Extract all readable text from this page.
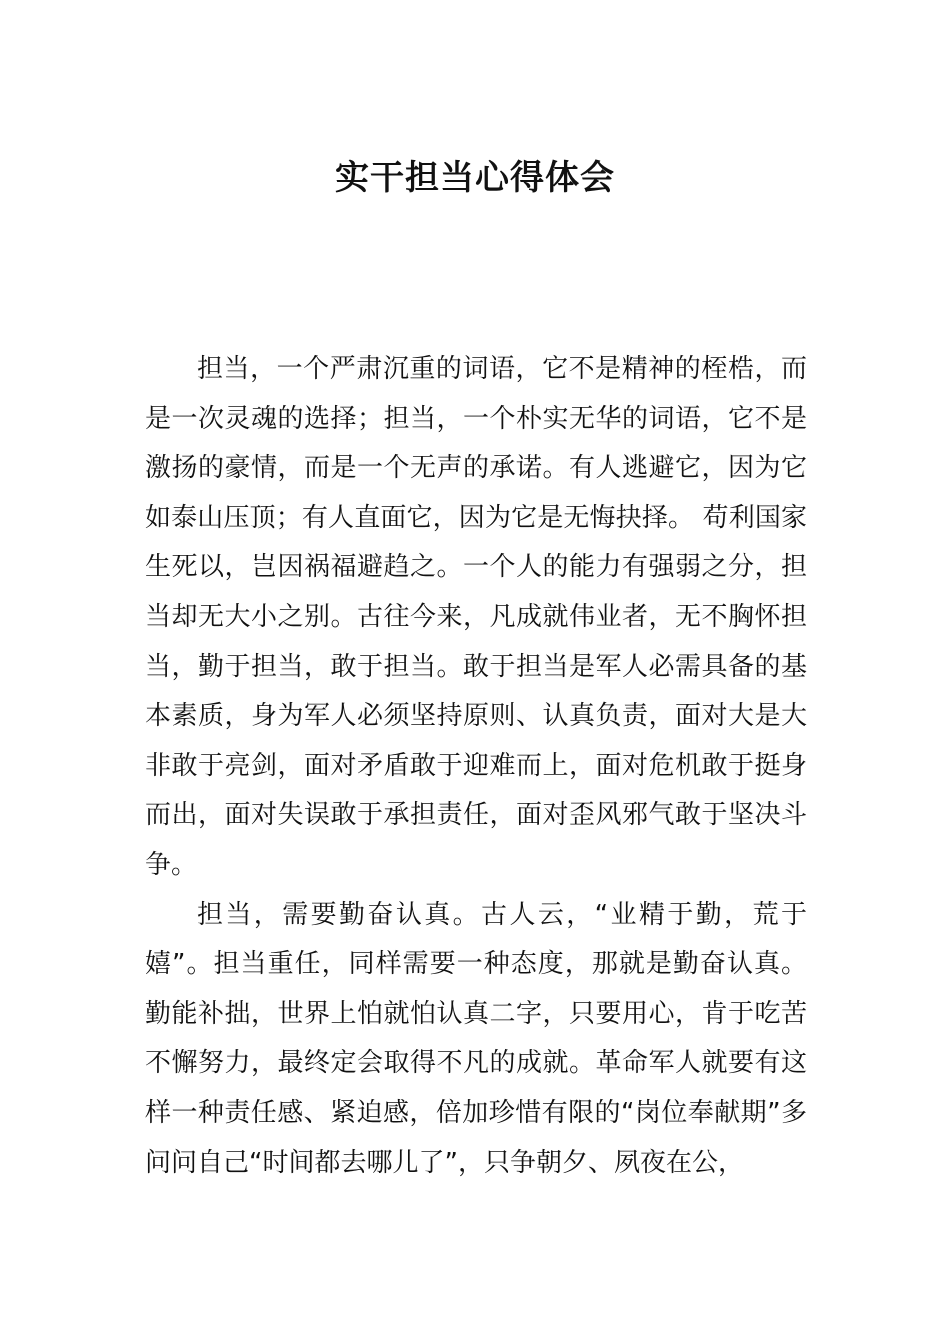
实干担当心得体会

担当，一个严肃沉重的词语，它不是精神的桎梏，而是一次灵魂的选择；担当，一个朴实无华的词语，它不是激扬的豪情，而是一个无声的承诺。有人逃避它，因为它如泰山压顶；有人直面它，因为它是无悔抉择。 苟利国家生死以，岂因祸福避趋之。一个人的能力有强弱之分，担当却无大小之别。古往今来，凡成就伟业者，无不胸怀担当，勤于担当，敢于担当。敢于担当是军人必需具备的基本素质，身为军人必须坚持原则、认真负责，面对大是大非敢于亮剑，面对矛盾敢于迎难而上，面对危机敢于挺身而出，面对失误敢于承担责任，面对歪风邪气敢于坚决斗争。

担当，需要勤奋认真。古人云，“业精于勤，荒于嬉”。担当重任，同样需要一种态度，那就是勤奋认真。勤能补拙，世界上怕就怕认真二字，只要用心，肯于吃苦不懈努力，最终定会取得不凡的成就。革命军人就要有这样一种责任感、紧迫感，倍加珍惜有限的“岗位奉献期”多问问自己“时间都去哪儿了”，只争朝夕、夙夜在公，
